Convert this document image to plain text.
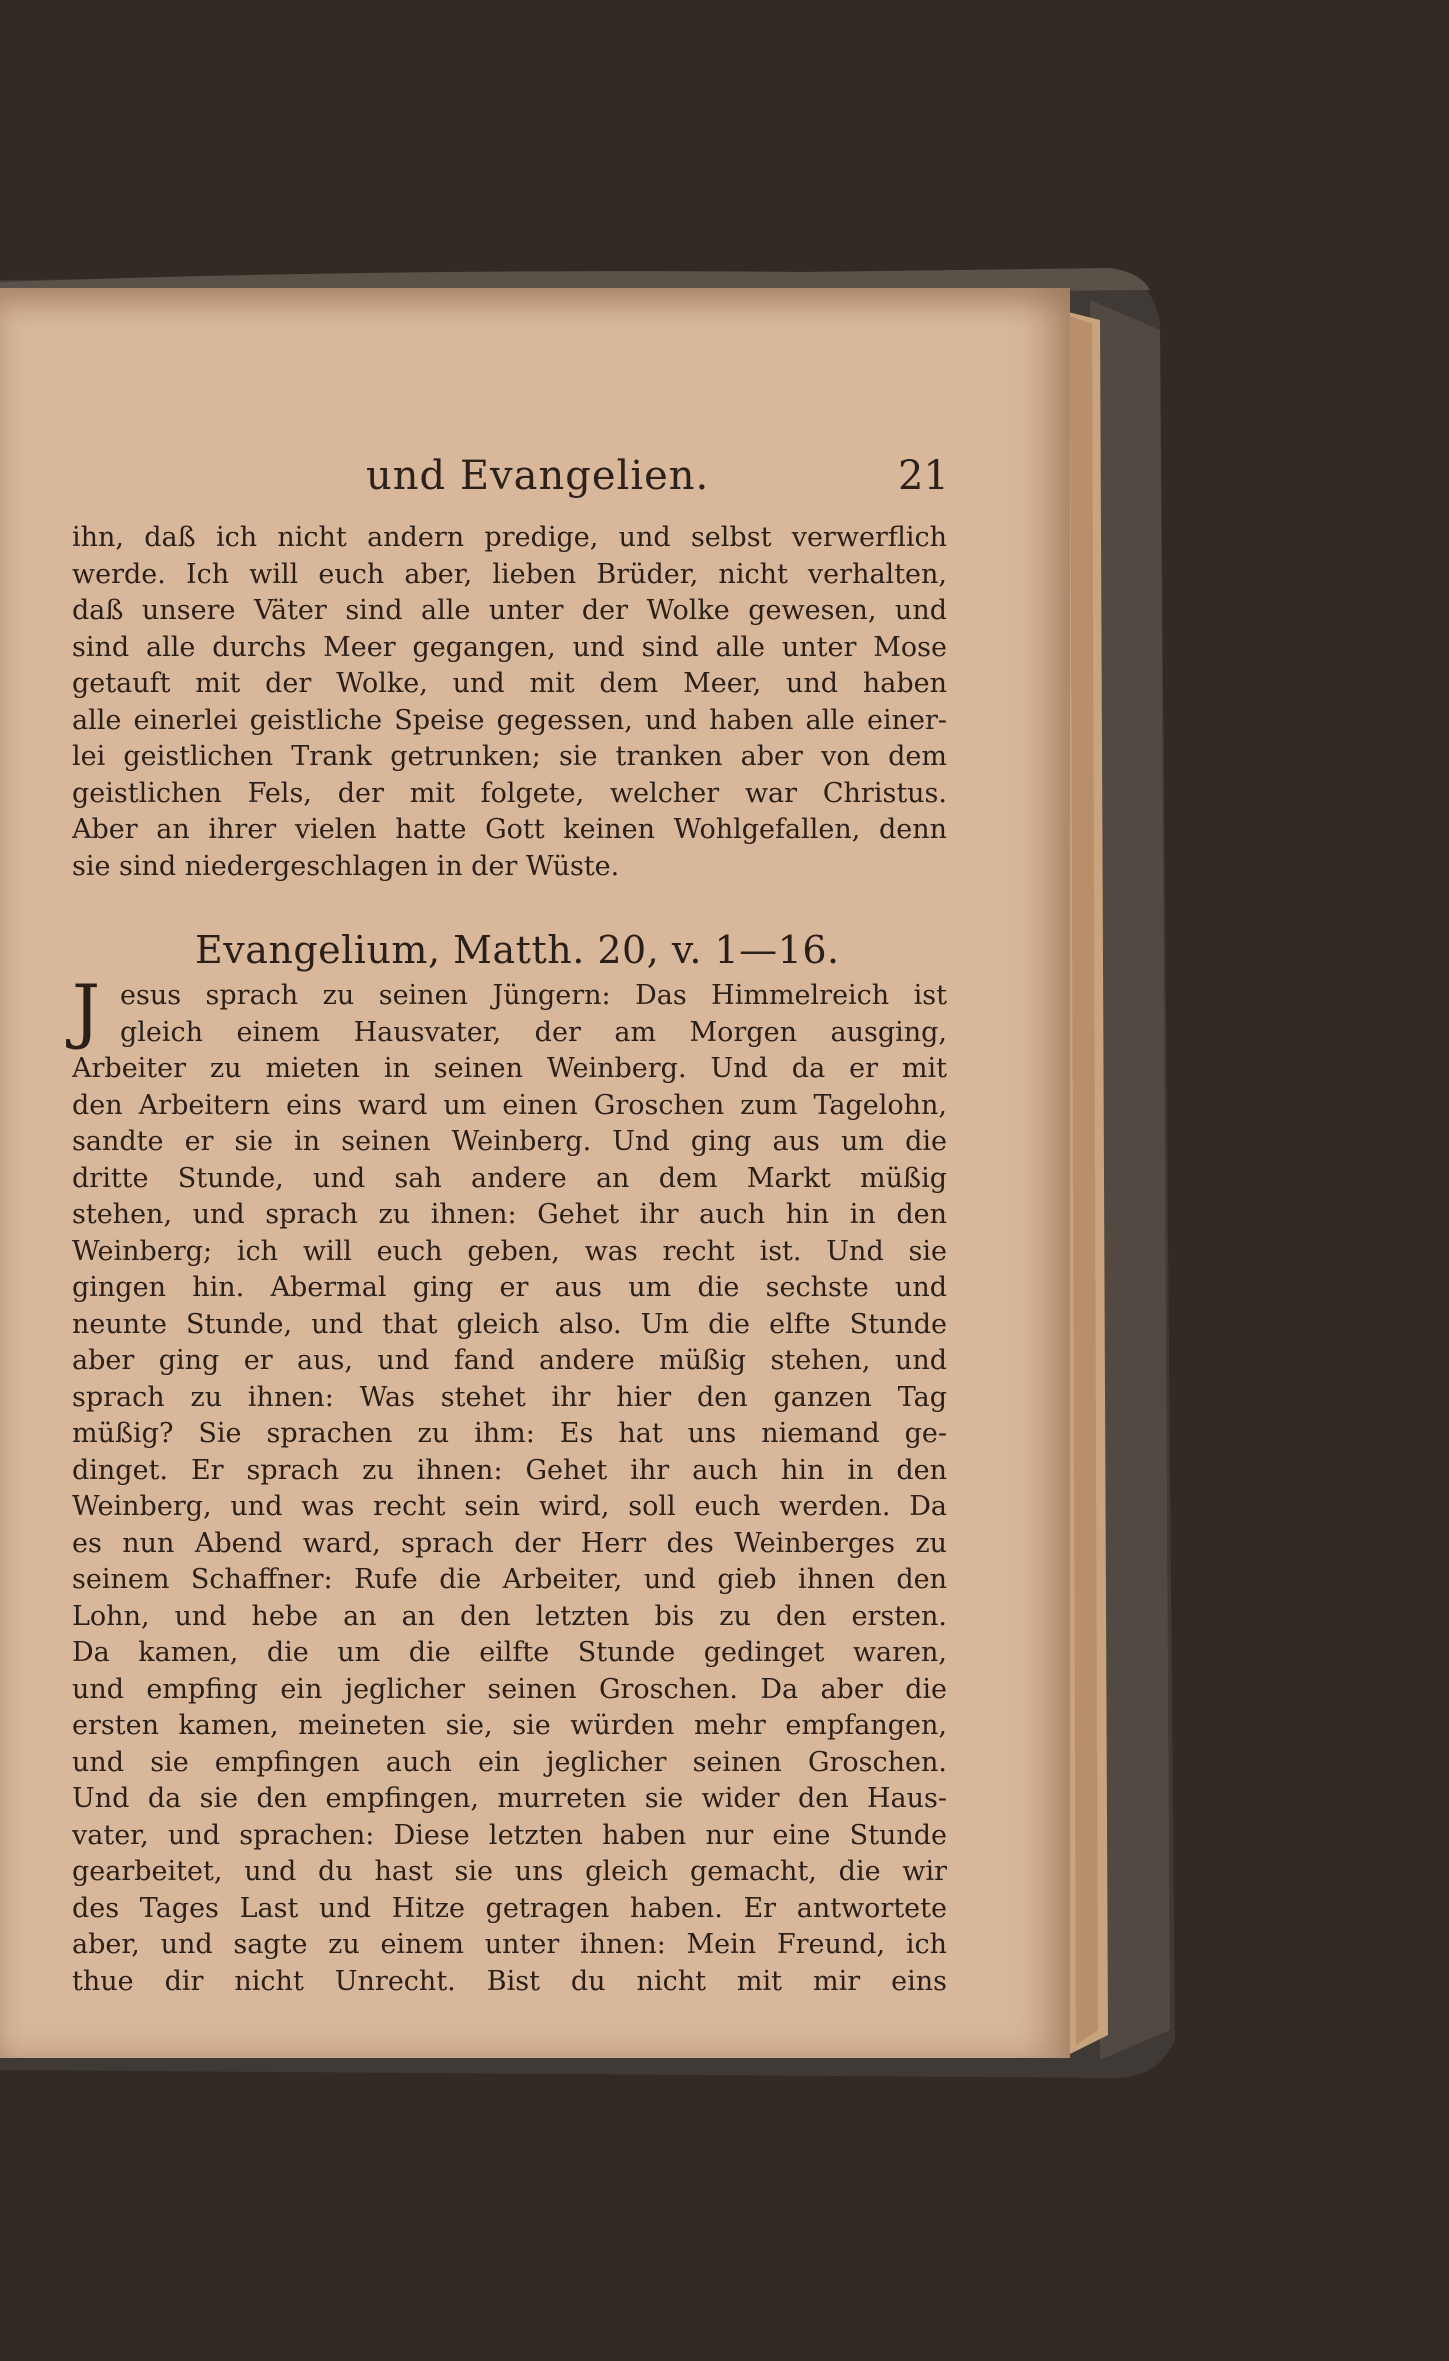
und Evangelien.	21
ihn, daß ich nicht andern predige, und selbst verwerflich
werde. Ich will euch aber, lieben Brüder, nicht verhalten,
daß unsere Väter sind alle unter der Wolke gewesen, und
sind alle durchs Meer gegangen, und sind alle unter Mose
getauft mit der Wolke, und mit dem Meer, und haben
alle einerlei geistliche Speise gegessen, und haben alle einer-
lei geistlichen Trank getrunken; sie tranken aber von dem
geistlichen Fels, der mit folgete, welcher war Christus.
Aber an ihrer vielen hatte Gott keinen Wohlgefallen, denn
sie sind niedergeschlagen in der Wüste.
Evangelium, Matth. 20, v. 1—16.
J esus sprach zu seinen Jüngern: Das Himmelreich ist
gleich einem Hausvater, der am Morgen ausging,
Arbeiter zu mieten in seinen Weinberg. Und da er mit
den Arbeitern eins ward um einen Groschen zum Tagelohn,
sandte er sie in seinen Weinberg. Und ging aus um die
dritte Stunde, und sah andere an dem Markt müßig
stehen, und sprach zu ihnen: Gehet ihr auch hin in den
Weinberg; ich will euch geben, was recht ist. Und sie
gingen hin. Abermal ging er aus um die sechste und
neunte Stunde, und that gleich also. Um die elfte Stunde
aber ging er aus, und fand andere müßig stehen, und
sprach zu ihnen: Was stehet ihr hier den ganzen Tag
müßig? Sie sprachen zu ihm: Es hat uns niemand ge-
dinget. Er sprach zu ihnen: Gehet ihr auch hin in den
Weinberg, und was recht sein wird, soll euch werden. Da
es nun Abend ward, sprach der Herr des Weinberges zu
seinem Schaffner: Rufe die Arbeiter, und gieb ihnen den
Lohn, und hebe an an den letzten bis zu den ersten.
Da kamen, die um die eilfte Stunde gedinget waren,
und empfing ein jeglicher seinen Groschen. Da aber die
ersten kamen, meineten sie, sie würden mehr empfangen,
und sie empfingen auch ein jeglicher seinen Groschen.
Und da sie den empfingen, murreten sie wider den Haus-
vater, und sprachen: Diese letzten haben nur eine Stunde
gearbeitet, und du hast sie uns gleich gemacht, die wir
des Tages Last und Hitze getragen haben. Er antwortete
aber, und sagte zu einem unter ihnen: Mein Freund, ich
thue dir nicht Unrecht. Bist du nicht mit mir eins
